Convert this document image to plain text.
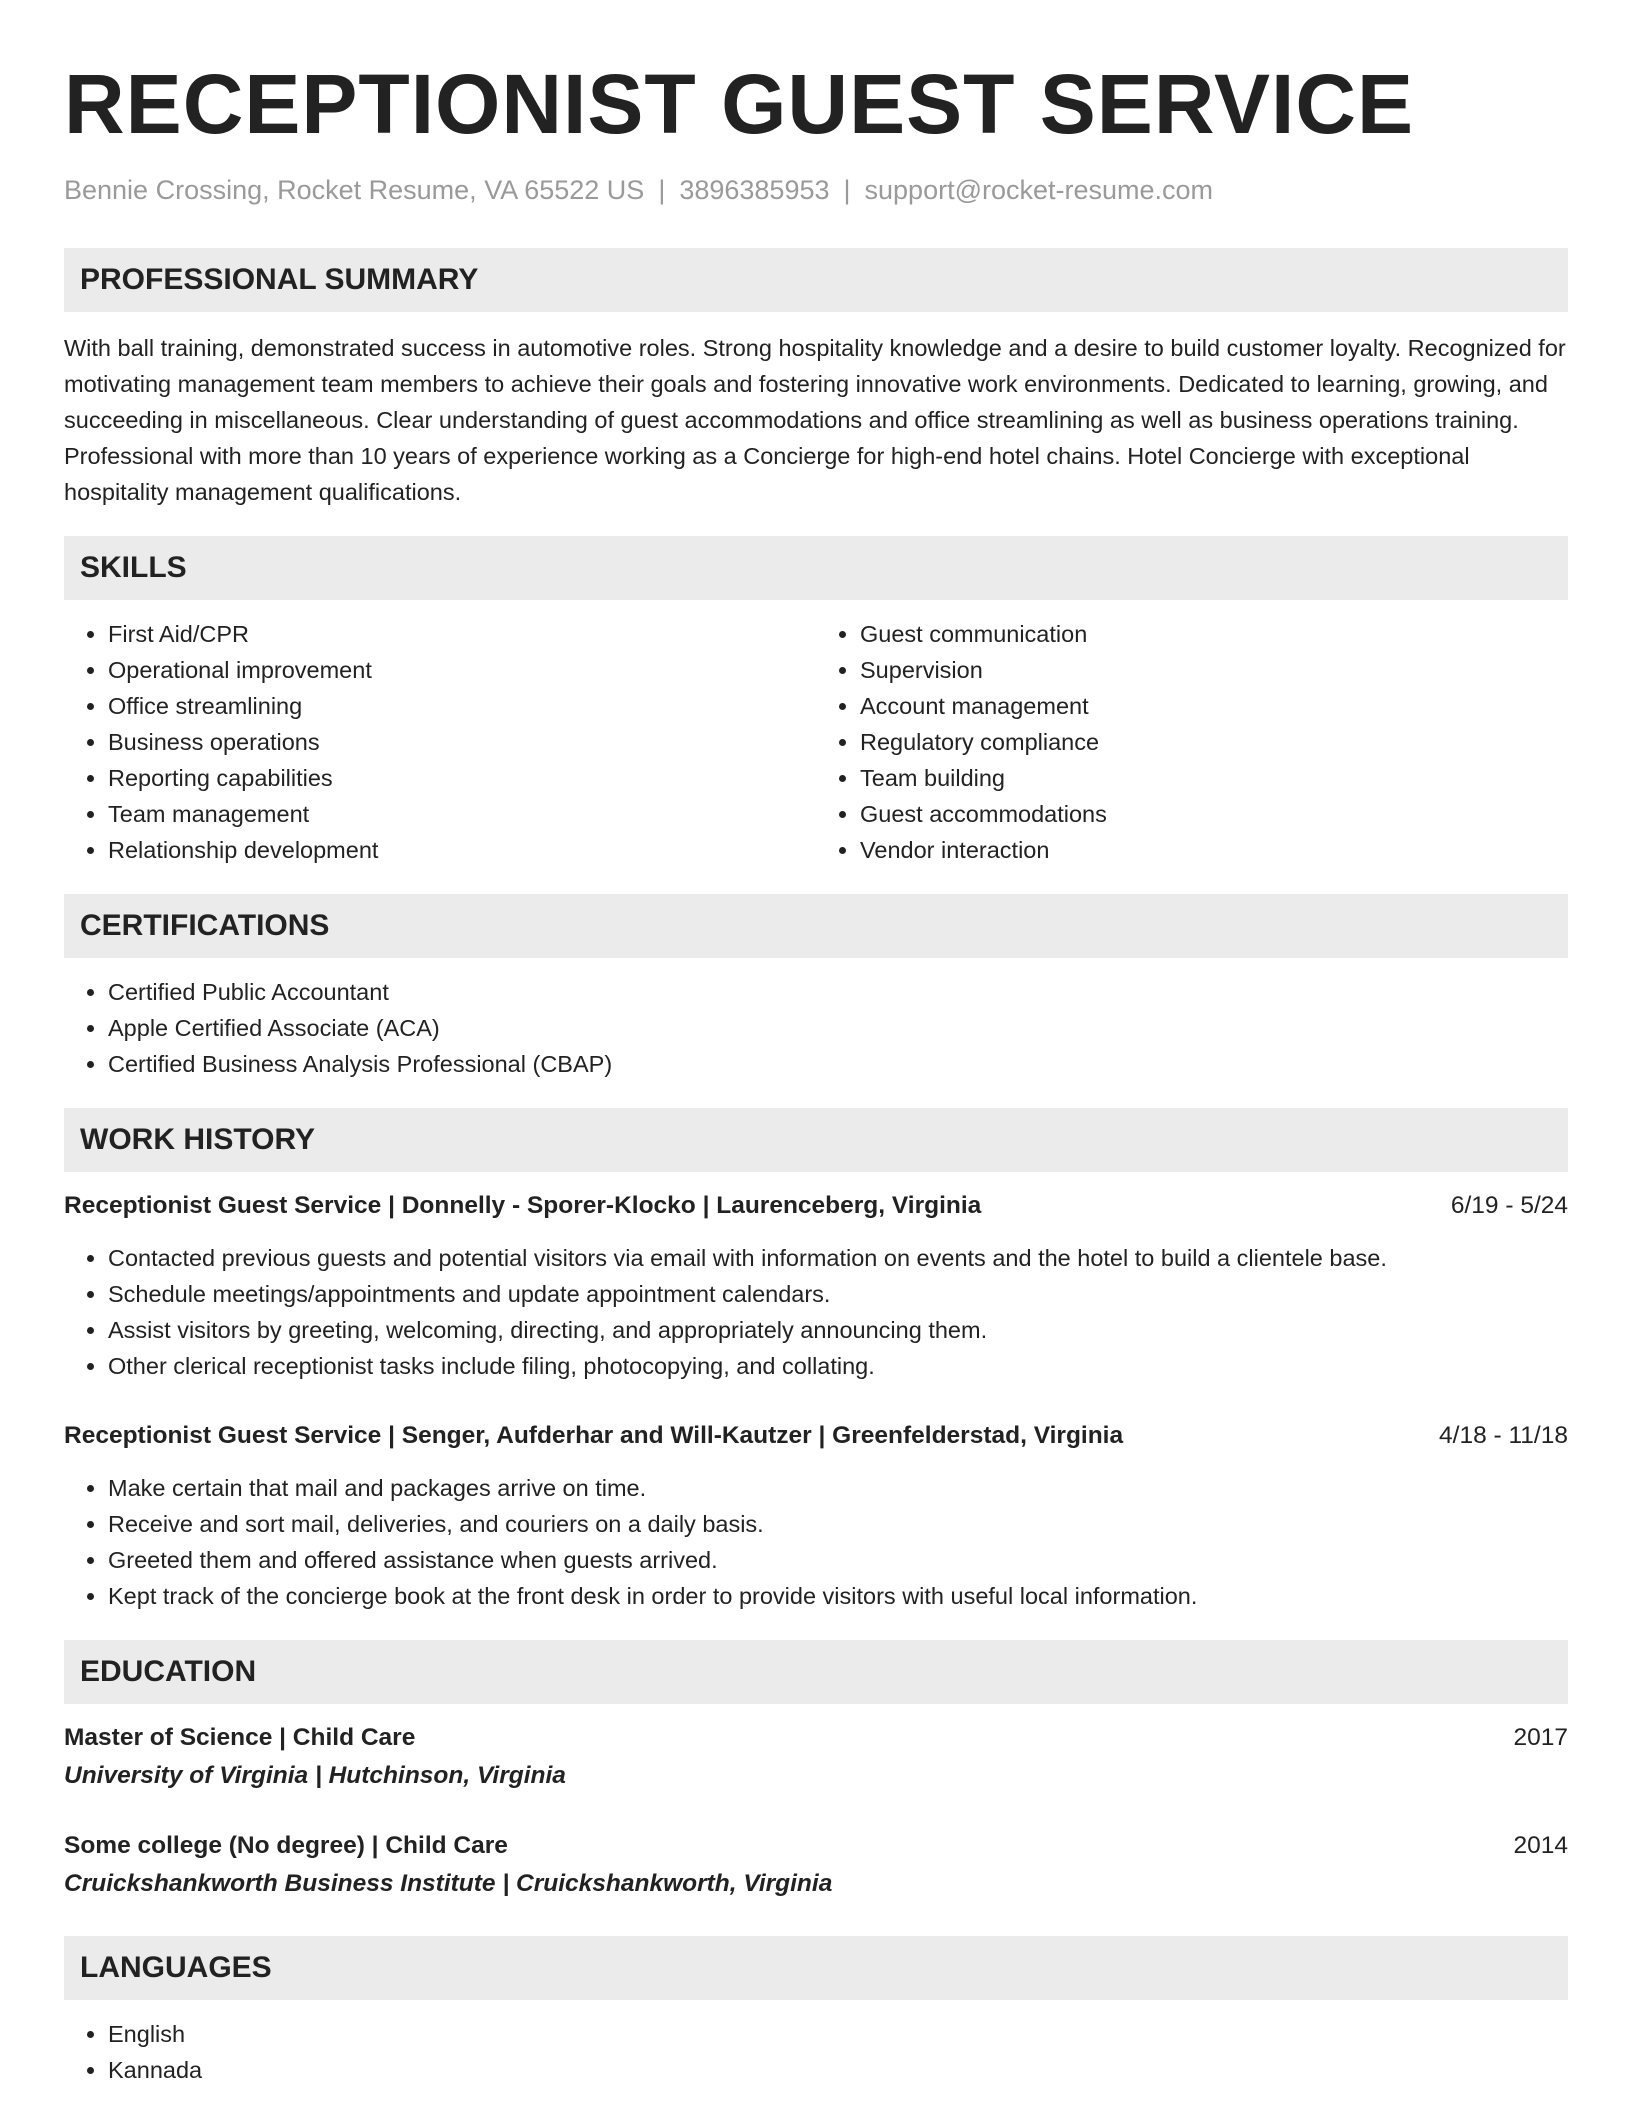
RECEPTIONIST GUEST SERVICE
Bennie Crossing, Rocket Resume, VA 65522 US | 3896385953 | support@rocket-resume.com
PROFESSIONAL SUMMARY

With ball training, demonstrated success in automotive roles. Strong hospitality knowledge and a desire to build customer loyalty. Recognized for motivating management team members to achieve their goals and fostering innovative work environments. Dedicated to learning, growing, and succeeding in miscellaneous. Clear understanding of guest accommodations and office streamlining as well as business operations training. Professional with more than 10 years of experience working as a Concierge for high-end hotel chains. Hotel Concierge with exceptional hospitality management qualifications.

SKILLS
• First Aid/CPR
• Operational improvement
• Office streamlining
• Business operations
• Reporting capabilities
• Team management
• Relationship development
• Guest communication
• Supervision
• Account management
• Regulatory compliance
• Team building
• Guest accommodations
• Vendor interaction
CERTIFICATIONS
• Certified Public Accountant
• Apple Certified Associate (ACA)
• Certified Business Analysis Professional (CBAP)
WORK HISTORY
Receptionist Guest Service | Donnelly - Sporer-Klocko | Laurenceberg, Virginia	6/19 - 5/24
• Contacted previous guests and potential visitors via email with information on events and the hotel to build a clientele base.
• Schedule meetings/appointments and update appointment calendars.
• Assist visitors by greeting, welcoming, directing, and appropriately announcing them.
• Other clerical receptionist tasks include filing, photocopying, and collating.
Receptionist Guest Service | Senger, Aufderhar and Will-Kautzer | Greenfelderstad, Virginia	4/18 - 11/18
• Make certain that mail and packages arrive on time.
• Receive and sort mail, deliveries, and couriers on a daily basis.
• Greeted them and offered assistance when guests arrived.
• Kept track of the concierge book at the front desk in order to provide visitors with useful local information.
EDUCATION
Master of Science | Child Care	2017
University of Virginia | Hutchinson, Virginia
Some college (No degree) | Child Care	2014
Cruickshankworth Business Institute | Cruickshankworth, Virginia
LANGUAGES
• English
• Kannada
